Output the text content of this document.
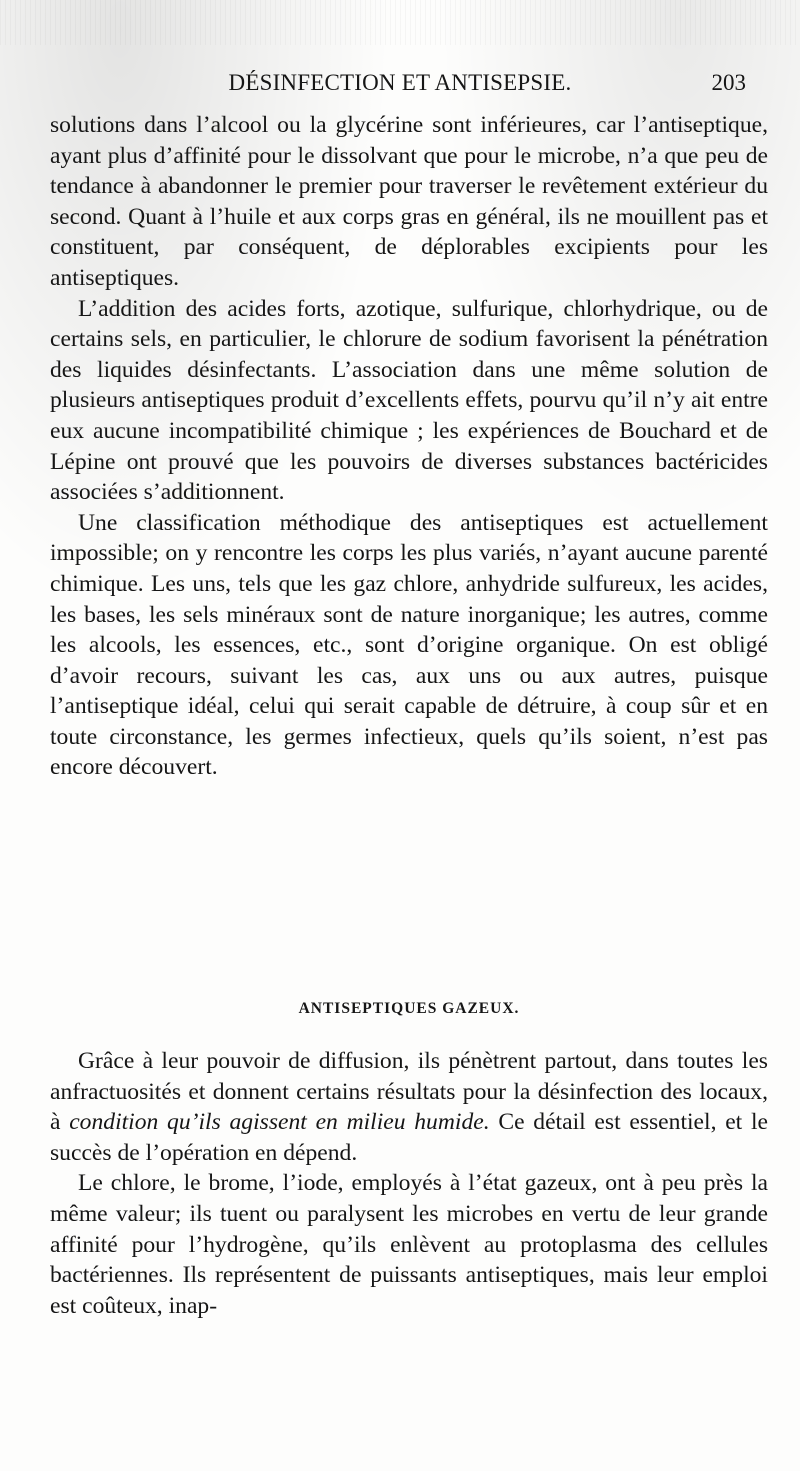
DÉSINFECTION ET ANTISEPSIE.	203

solutions dans l’alcool ou la glycérine sont inférieures, car l’antiseptique, ayant plus d’affinité pour le dissolvant que pour le microbe, n’a que peu de tendance à abandonner le premier pour traverser le revêtement extérieur du second. Quant à l’huile et aux corps gras en général, ils ne mouillent pas et constituent, par conséquent, de déplorables excipients pour les antiseptiques.

L’addition des acides forts, azotique, sulfurique, chlorhydrique, ou de certains sels, en particulier, le chlorure de sodium favorisent la pénétration des liquides désinfectants. L’association dans une même solution de plusieurs antiseptiques produit d’excellents effets, pourvu qu’il n’y ait entre eux aucune incompatibilité chimique ; les expériences de Bouchard et de Lépine ont prouvé que les pouvoirs de diverses substances bactéricides associées s’additionnent.

Une classification méthodique des antiseptiques est actuellement impossible; on y rencontre les corps les plus variés, n’ayant aucune parenté chimique. Les uns, tels que les gaz chlore, anhydride sulfureux, les acides, les bases, les sels minéraux sont de nature inorganique; les autres, comme les alcools, les essences, etc., sont d’origine organique. On est obligé d’avoir recours, suivant les cas, aux uns ou aux autres, puisque l’antiseptique idéal, celui qui serait capable de détruire, à coup sûr et en toute circonstance, les germes infectieux, quels qu’ils soient, n’est pas encore découvert.

ANTISEPTIQUES GAZEUX.

Grâce à leur pouvoir de diffusion, ils pénètrent partout, dans toutes les anfractuosités et donnent certains résultats pour la désinfection des locaux, à condition qu’ils agissent en milieu humide. Ce détail est essentiel, et le succès de l’opération en dépend.

Le chlore, le brome, l’iode, employés à l’état gazeux, ont à peu près la même valeur; ils tuent ou paralysent les microbes en vertu de leur grande affinité pour l’hydrogène, qu’ils enlèvent au protoplasma des cellules bactériennes. Ils représentent de puissants antiseptiques, mais leur emploi est coûteux, inap-
